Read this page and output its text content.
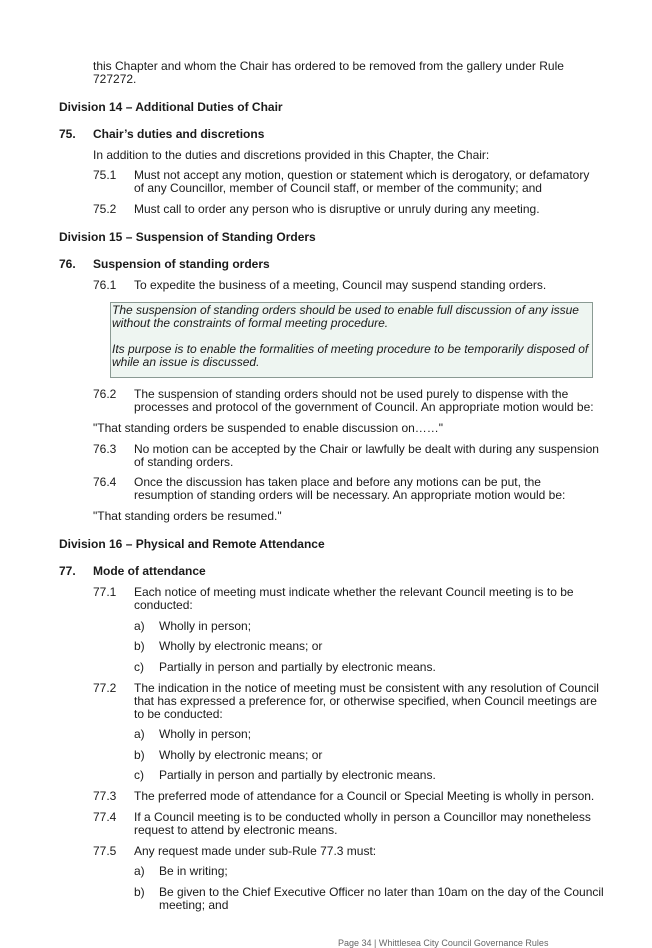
this Chapter and whom the Chair has ordered to be removed from the gallery under Rule
727272.
Division 14 – Additional Duties of Chair
75. Chair’s duties and discretions
In addition to the duties and discretions provided in this Chapter, the Chair:
75.1 Must not accept any motion, question or statement which is derogatory, or defamatory
of any Councillor, member of Council staff, or member of the community; and
75.2 Must call to order any person who is disruptive or unruly during any meeting.
Division 15 – Suspension of Standing Orders
76. Suspension of standing orders
76.1 To expedite the business of a meeting, Council may suspend standing orders.
The suspension of standing orders should be used to enable full discussion of any issue
without the constraints of formal meeting procedure.
Its purpose is to enable the formalities of meeting procedure to be temporarily disposed of
while an issue is discussed.
76.2 The suspension of standing orders should not be used purely to dispense with the
processes and protocol of the government of Council. An appropriate motion would be:
"That standing orders be suspended to enable discussion on……"
76.3 No motion can be accepted by the Chair or lawfully be dealt with during any suspension
of standing orders.
76.4 Once the discussion has taken place and before any motions can be put, the
resumption of standing orders will be necessary. An appropriate motion would be:
"That standing orders be resumed."
Division 16 – Physical and Remote Attendance
77. Mode of attendance
77.1 Each notice of meeting must indicate whether the relevant Council meeting is to be
conducted:
a) Wholly in person;
b) Wholly by electronic means; or
c) Partially in person and partially by electronic means.
77.2 The indication in the notice of meeting must be consistent with any resolution of Council
that has expressed a preference for, or otherwise specified, when Council meetings are
to be conducted:
a) Wholly in person;
b) Wholly by electronic means; or
c) Partially in person and partially by electronic means.
77.3 The preferred mode of attendance for a Council or Special Meeting is wholly in person.
77.4 If a Council meeting is to be conducted wholly in person a Councillor may nonetheless
request to attend by electronic means.
77.5 Any request made under sub-Rule 77.3 must:
a) Be in writing;
b) Be given to the Chief Executive Officer no later than 10am on the day of the Council
meeting; and
Page 34 | Whittlesea City Council Governance Rules
